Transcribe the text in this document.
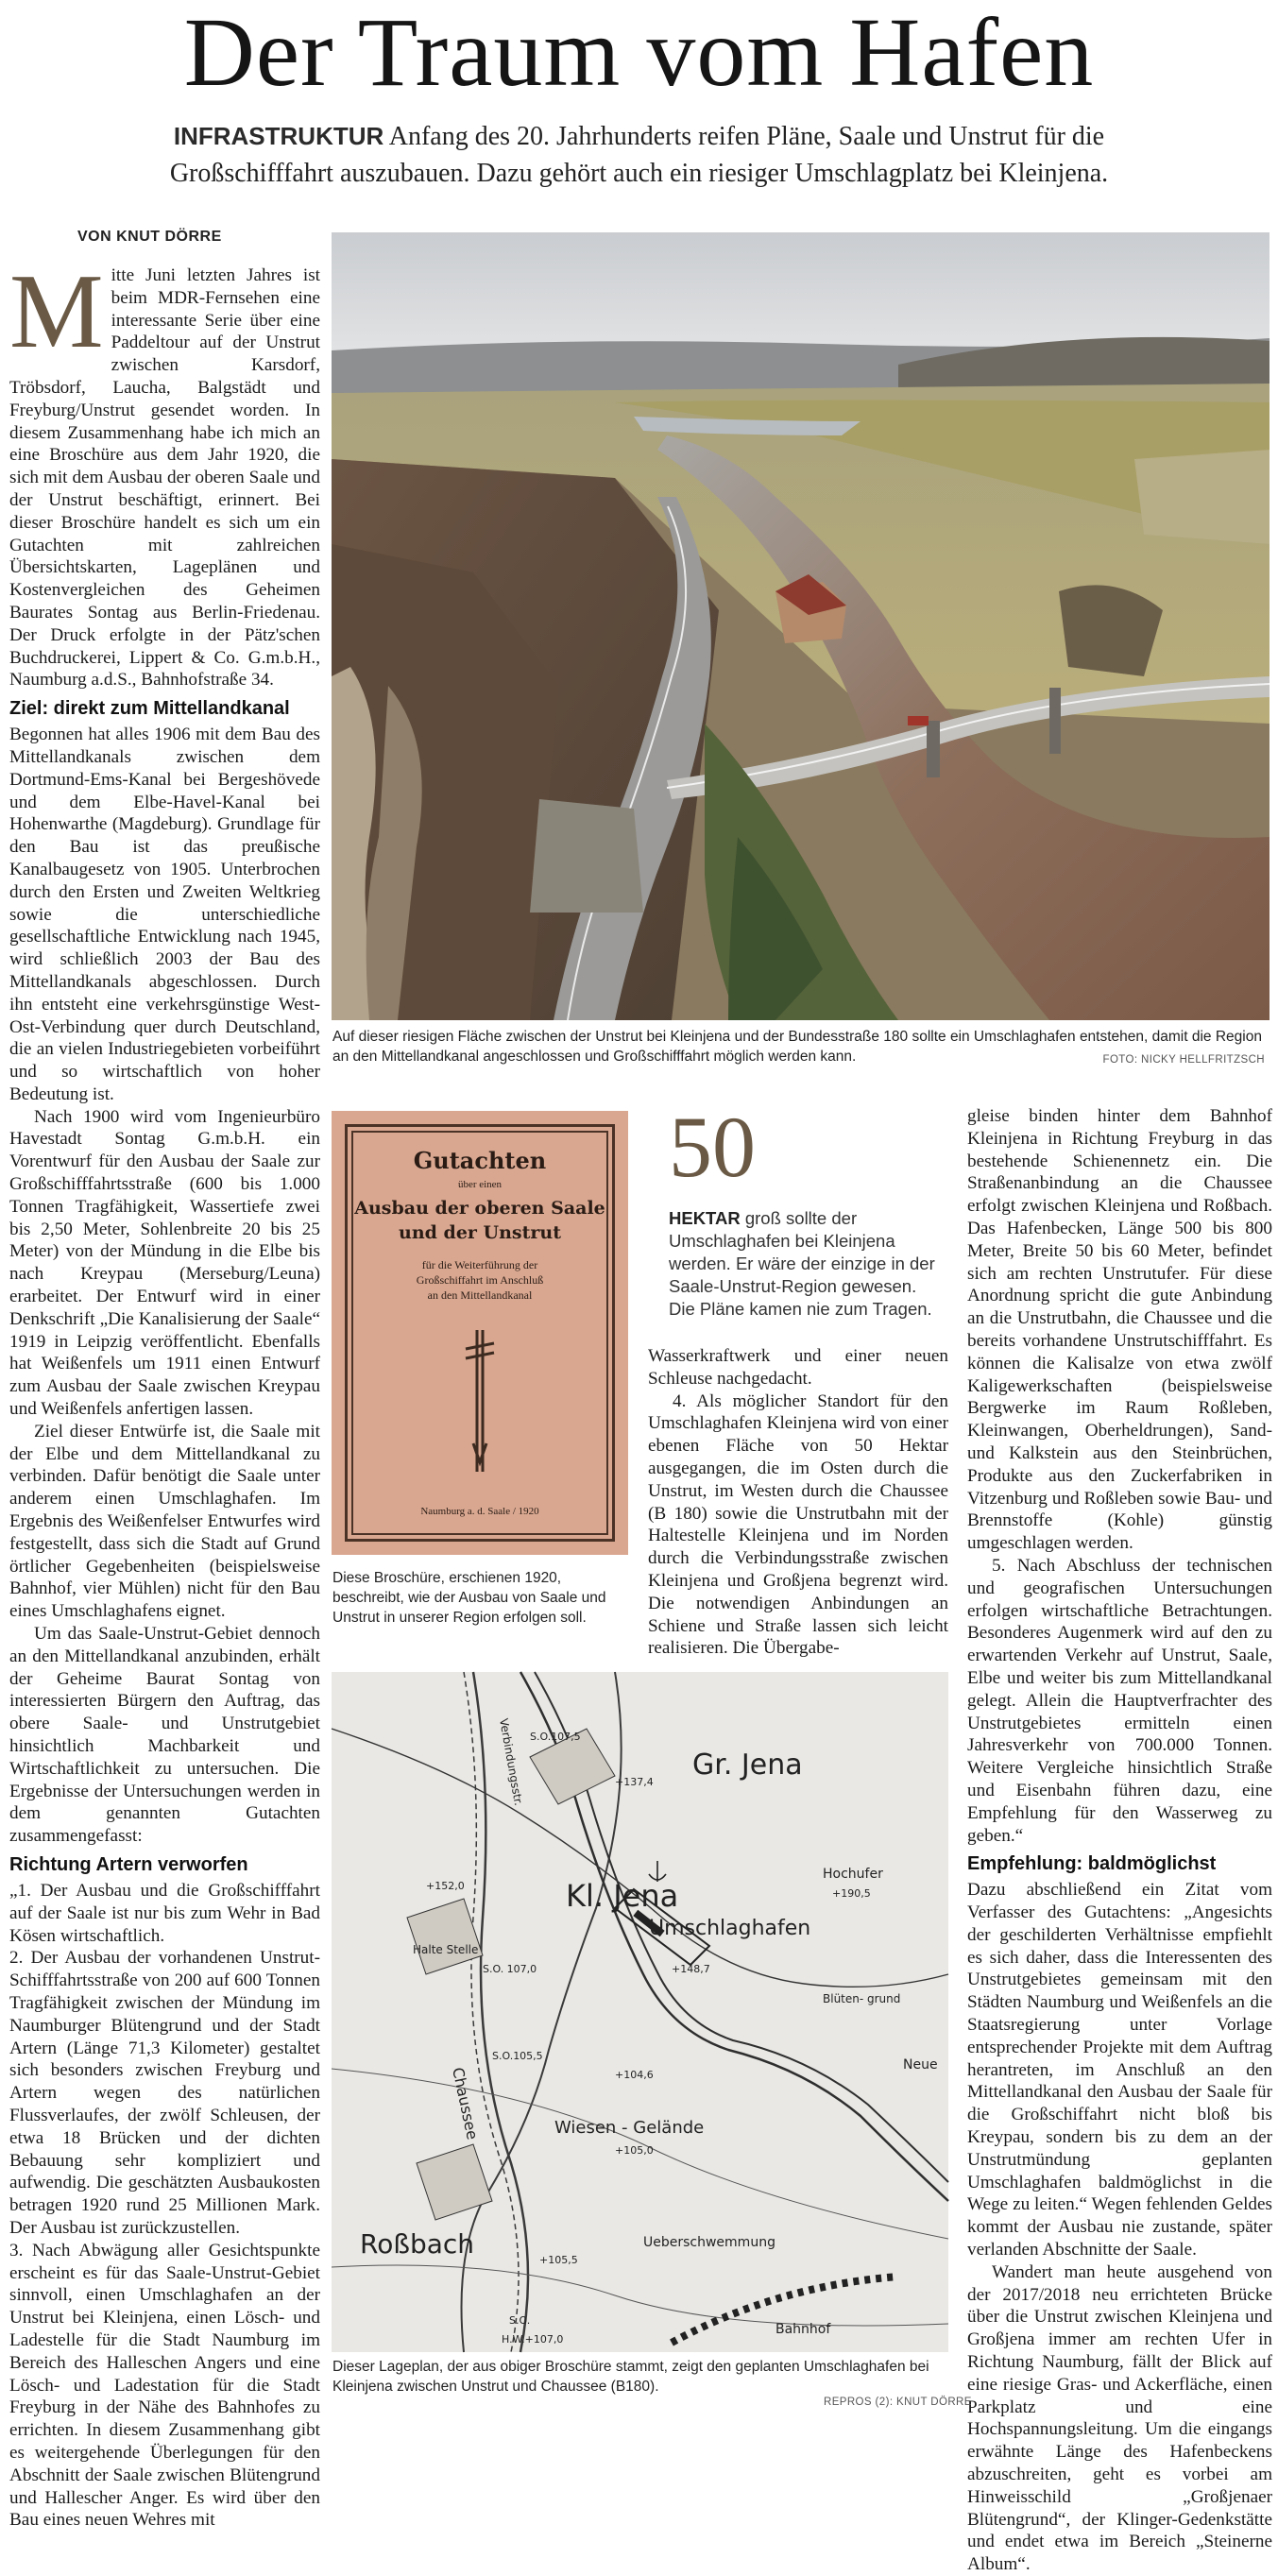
Der Traum vom Hafen
INFRASTRUKTUR Anfang des 20. Jahrhunderts reifen Pläne, Saale und Unstrut für die Großschifffahrt auszubauen. Dazu gehört auch ein riesiger Umschlagplatz bei Kleinjena.
VON KNUT DÖRRE
M itte Juni letzten Jahres ist beim MDR-Fernsehen eine interessante Serie über eine Paddeltour auf der Unstrut zwischen Karsdorf, Tröbsdorf, Laucha, Balgstädt und Freyburg/Unstrut gesendet worden. In diesem Zusammenhang habe ich mich an eine Broschüre aus dem Jahr 1920, die sich mit dem Ausbau der oberen Saale und der Unstrut beschäftigt, erinnert. Bei dieser Broschüre handelt es sich um ein Gutachten mit zahlreichen Übersichtskarten, Lageplänen und Kostenvergleichen des Geheimen Baurates Sontag aus Berlin-Friedenau. Der Druck erfolgte in der Pätz'schen Buchdruckerei, Lippert & Co. G.m.b.H., Naumburg a.d.S., Bahnhofstraße 34.

Ziel: direkt zum Mittellandkanal

Begonnen hat alles 1906 mit dem Bau des Mittellandkanals zwischen dem Dortmund-Ems-Kanal bei Bergeshövede und dem Elbe-Havel-Kanal bei Hohenwarthe (Magdeburg). Grundlage für den Bau ist das preußische Kanalbaugesetz von 1905. Unterbrochen durch den Ersten und Zweiten Weltkrieg sowie die unterschiedliche gesellschaftliche Entwicklung nach 1945, wird schließlich 2003 der Bau des Mittellandkanals abgeschlossen. Durch ihn entsteht eine verkehrsgünstige West-Ost-Verbindung quer durch Deutschland, die an vielen Industriegebieten vorbeiführt und so wirtschaftlich von hoher Bedeutung ist.

Nach 1900 wird vom Ingenieurbüro Havestadt Sontag G.m.b.H. ein Vorentwurf für den Ausbau der Saale zur Großschifffahrtsstraße (600 bis 1.000 Tonnen Tragfähigkeit, Wassertiefe zwei bis 2,50 Meter, Sohlenbreite 20 bis 25 Meter) von der Mündung in die Elbe bis nach Kreypau (Merseburg/Leuna) erarbeitet. Der Entwurf wird in einer Denkschrift „Die Kanalisierung der Saale“ 1919 in Leipzig veröffentlicht. Ebenfalls hat Weißenfels um 1911 einen Entwurf zum Ausbau der Saale zwischen Kreypau und Weißenfels anfertigen lassen.

Ziel dieser Entwürfe ist, die Saale mit der Elbe und dem Mittellandkanal zu verbinden. Dafür benötigt die Saale unter anderem einen Umschlaghafen. Im Ergebnis des Weißenfelser Entwurfes wird festgestellt, dass sich die Stadt auf Grund örtlicher Gegebenheiten (beispielsweise Bahnhof, vier Mühlen) nicht für den Bau eines Umschlaghafens eignet.

Um das Saale-Unstrut-Gebiet dennoch an den Mittellandkanal anzubinden, erhält der Geheime Baurat Sontag von interessierten Bürgern den Auftrag, das obere Saale- und Unstrutgebiet hinsichtlich Machbarkeit und Wirtschaftlichkeit zu untersuchen. Die Ergebnisse der Untersuchungen werden in dem genannten Gutachten zusammengefasst:

Richtung Artern verworfen

„1. Der Ausbau und die Großschifffahrt auf der Saale ist nur bis zum Wehr in Bad Kösen wirtschaftlich.

2. Der Ausbau der vorhandenen Unstrut-Schifffahrtsstraße von 200 auf 600 Tonnen Tragfähigkeit zwischen der Mündung im Naumburger Blütengrund und der Stadt Artern (Länge 71,3 Kilometer) gestaltet sich besonders zwischen Freyburg und Artern wegen des natürlichen Flussverlaufes, der zwölf Schleusen, der etwa 18 Brücken und der dichten Bebauung sehr kompliziert und aufwendig. Die geschätzten Ausbaukosten betragen 1920 rund 25 Millionen Mark. Der Ausbau ist zurückzustellen.

3. Nach Abwägung aller Gesichtspunkte erscheint es für das Saale-Unstrut-Gebiet sinnvoll, einen Umschlaghafen an der Unstrut bei Kleinjena, einen Lösch- und Ladestelle für die Stadt Naumburg im Bereich des Halleschen Angers und eine Lösch- und Ladestation für die Stadt Freyburg in der Nähe des Bahnhofes zu errichten. In diesem Zusammenhang gibt es weitergehende Überlegungen für den Abschnitt der Saale zwischen Blütengrund und Hallescher Anger. Es wird über den Bau eines neuen Wehres mit

Auf dieser riesigen Fläche zwischen der Unstrut bei Kleinjena und der Bundesstraße 180 sollte ein Umschlaghafen entstehen, damit die Region an den Mittellandkanal angeschlossen und Großschifffahrt möglich werden kann.	FOTO: NICKY HELLFRITZSCH
Gutachten
über einen
Ausbau der oberen Saale
und der Unstrut
für die Weiterführung der
Großschiffahrt im Anschluß
an den Mittellandkanal
Naumburg a. d. Saale / 1920
Diese Broschüre, erschienen 1920, beschreibt, wie der Ausbau von Saale und Unstrut in unserer Region erfolgen soll.
50
HEKTAR groß sollte der Umschlaghafen bei Kleinjena werden. Er wäre der einzige in der Saale-Unstrut-Region gewesen. Die Pläne kamen nie zum Tragen.

Wasserkraftwerk und einer neuen Schleuse nachgedacht.

4. Als möglicher Standort für den Umschlaghafen Kleinjena wird von einer ebenen Fläche von 50 Hektar ausgegangen, die im Osten durch die Unstrut, im Westen durch die Chaussee (B 180) sowie die Unstrutbahn mit der Haltestelle Kleinjena und im Norden durch die Verbindungsstraße zwischen Kleinjena und Großjena begrenzt wird. Die notwendigen Anbindungen an Schiene und Straße lassen sich leicht realisieren. Die Übergabe-

gleise binden hinter dem Bahnhof Kleinjena in Richtung Freyburg in das bestehende Schienennetz ein. Die Straßenanbindung an die Chaussee erfolgt zwischen Kleinjena und Roßbach. Das Hafenbecken, Länge 500 bis 800 Meter, Breite 50 bis 60 Meter, befindet sich am rechten Unstrutufer. Für diese Anordnung spricht die gute Anbindung an die Unstrutbahn, die Chaussee und die bereits vorhandene Unstrutschifffahrt. Es können die Kalisalze von etwa zwölf Kaligewerkschaften (beispielsweise Bergwerke im Raum Roßleben, Kleinwangen, Oberheldrungen), Sand- und Kalkstein aus den Steinbrüchen, Produkte aus den Zuckerfabriken in Vitzenburg und Roßleben sowie Bau- und Brennstoffe (Kohle) günstig umgeschlagen werden.

5. Nach Abschluss der technischen und geografischen Untersuchungen erfolgen wirtschaftliche Betrachtungen. Besonderes Augenmerk wird auf den zu erwartenden Verkehr auf Unstrut, Saale, Elbe und weiter bis zum Mittellandkanal gelegt. Allein die Hauptverfrachter des Unstrutgebietes ermitteln einen Jahresverkehr von 700.000 Tonnen. Weitere Vergleiche hinsichtlich Straße und Eisenbahn führen dazu, eine Empfehlung für den Wasserweg zu geben.“

Empfehlung: baldmöglichst

Dazu abschließend ein Zitat vom Verfasser des Gutachtens: „Angesichts der geschilderten Verhältnisse empfiehlt es sich daher, dass die Interessenten des Unstrutgebietes gemeinsam mit den Städten Naumburg und Weißenfels an die Staatsregierung unter Vorlage entsprechender Projekte mit dem Auftrag herantreten, im Anschluß an den Mittellandkanal den Ausbau der Saale für die Großschiffahrt nicht bloß bis Kreypau, sondern bis zu dem an der Unstrutmündung geplanten Umschlaghafen baldmöglichst in die Wege zu leiten.“ Wegen fehlenden Geldes kommt der Ausbau nie zustande, später verlanden Abschnitte der Saale.

Wandert man heute ausgehend von der 2017/2018 neu errichteten Brücke über die Unstrut zwischen Kleinjena und Großjena immer am rechten Ufer in Richtung Naumburg, fällt der Blick auf eine riesige Gras- und Ackerfläche, einen Parkplatz und eine Hochspannungsleitung. Um die eingangs erwähnte Länge des Hafenbeckens abzuschreiten, geht es vorbei am Hinweisschild „Großjenaer Blütengrund“, der Klinger-Gedenkstätte und endet etwa im Bereich „Steinerne Album“.

Gr. Jena
Kl. Jena
Umschlaghafen
Hochufer
Roßbach
Wiesen - Gelände
Halte Stelle
Chaussee
Verbindungsstr.
Blüten- grund
Ueberschwemmung
Neue
Bahnhof
S.O.107,5
+137,4
+152,0
S.O. 107,0	+148,7
+190,5
S.O.105,5
+104,6
+105,0
+105,5
H.W.+107,0
S.O.
Dieser Lageplan, der aus obiger Broschüre stammt, zeigt den geplanten Umschlaghafen bei Kleinjena zwischen Unstrut und Chaussee (B180).
REPROS (2): KNUT DÖRRE
